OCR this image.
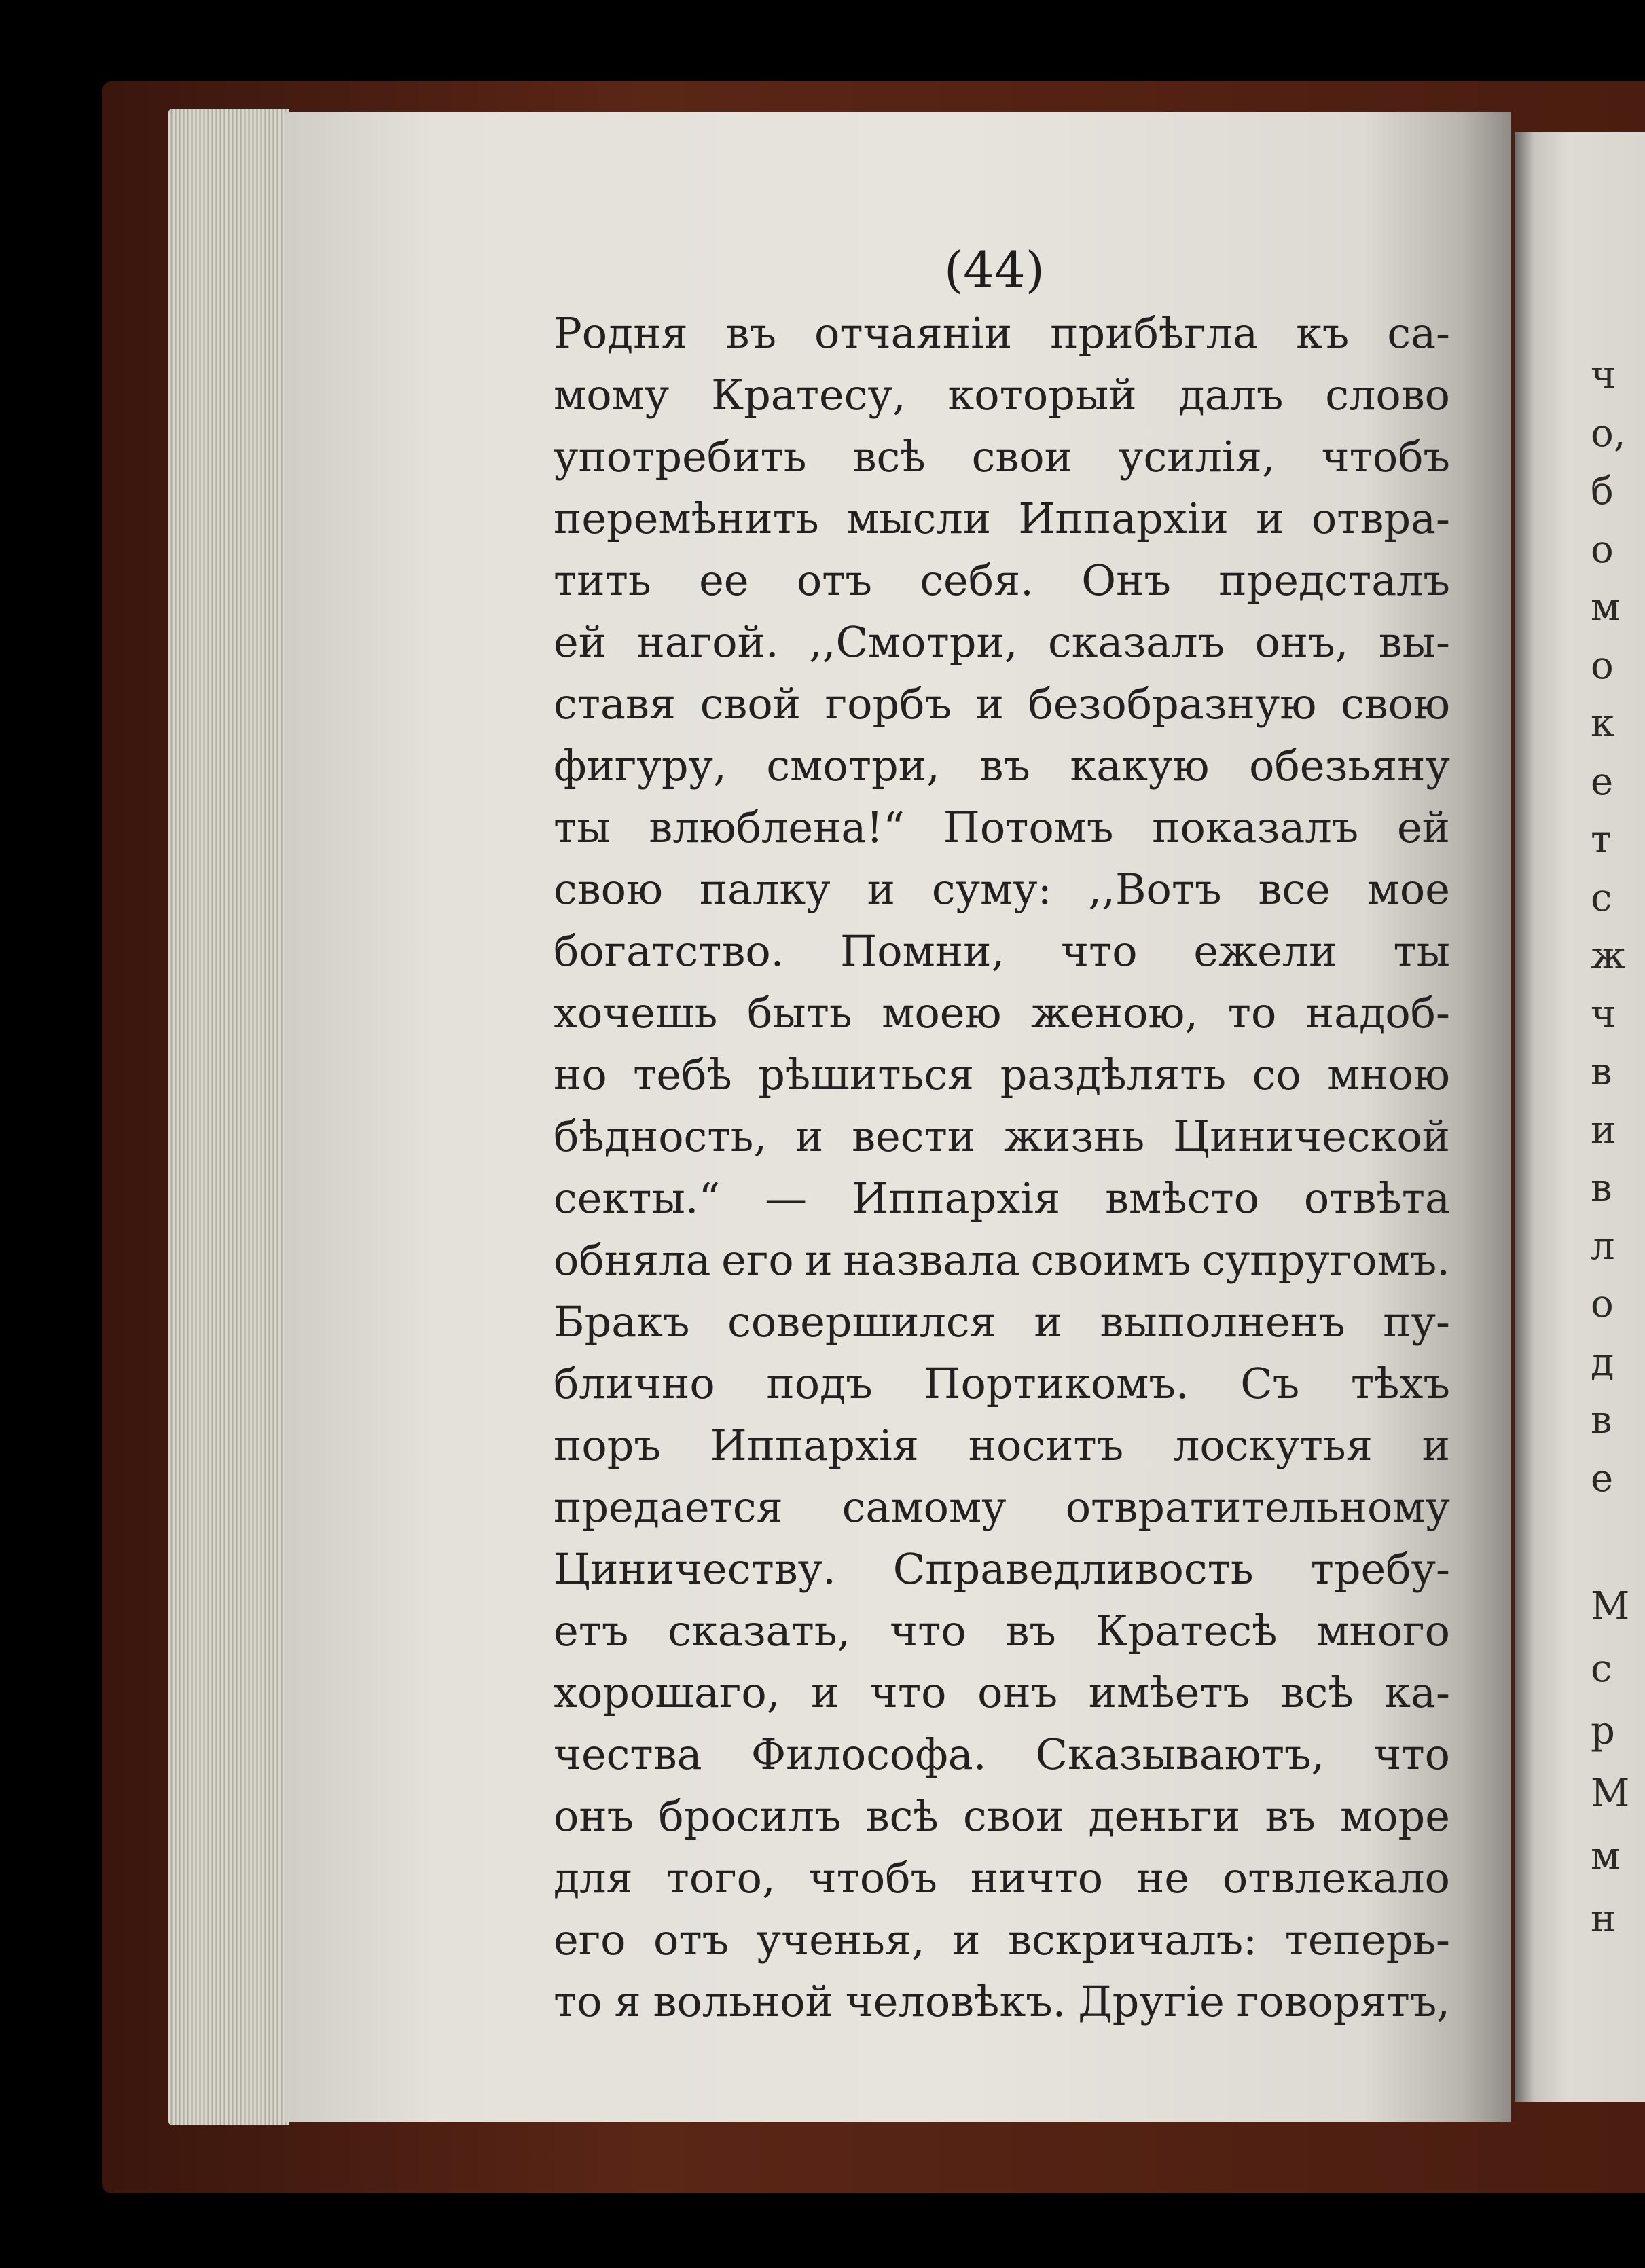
ч
о,
б
о
м
о
к
е
т
с
ж
ч
в
и
в
л
о
д
в
е
М
с
р
М
м
н
(44)
Родня въ отчаяніи прибѣгла къ са-
мому Кратесу, который далъ слово
употребить всѣ свои усилія, чтобъ
перемѣнить мысли Иппархіи и отвра-
тить ее отъ себя. Онъ предсталъ
ей нагой. ,,Смотри, сказалъ онъ, вы-
ставя свой горбъ и безобразную свою
фигуру, смотри, въ какую обезьяну
ты влюблена!“ Потомъ показалъ ей
свою палку и суму: ,,Вотъ все мое
богатство. Помни, что ежели ты
хочешь быть моею женою, то надоб-
но тебѣ рѣшиться раздѣлять со мною
бѣдность, и вести жизнь Цинической
секты.“ — Иппархія вмѣсто отвѣта
обняла его и назвала своимъ супругомъ.
Бракъ совершился и выполненъ пу-
блично подъ Портикомъ. Съ тѣхъ
поръ Иппархія носитъ лоскутья и
предается самому отвратительному
Циничеству. Справедливость требу-
етъ сказать, что въ Кратесѣ много
хорошаго, и что онъ имѣетъ всѣ ка-
чества Философа. Сказываютъ, что
онъ бросилъ всѣ свои деньги въ море
для того, чтобъ ничто не отвлекало
его отъ ученья, и вскричалъ: теперь-
то я вольной человѣкъ. Другіе говорятъ,
